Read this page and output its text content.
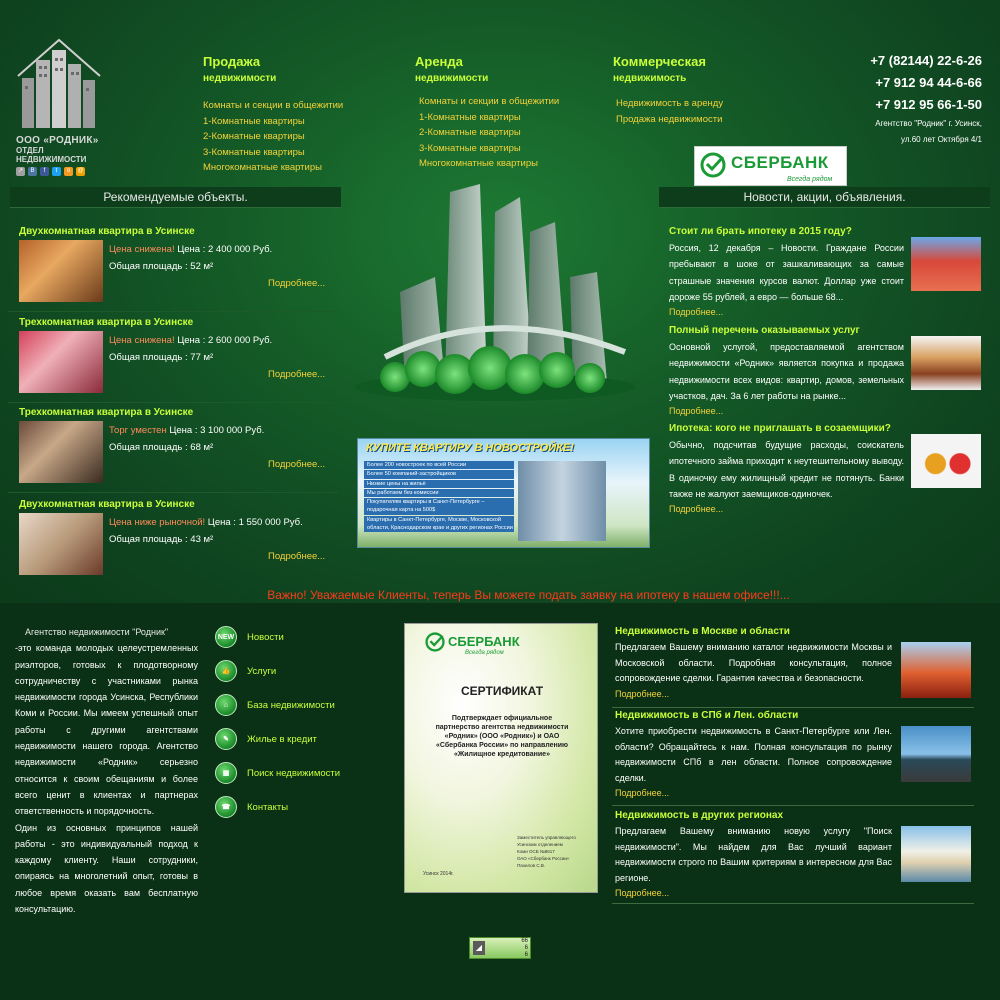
ООО «РОДНИК»
ОТДЕЛ НЕДВИЖИМОСТИ
↗ В f t о @
Продажа
недвижимости
Комнаты и секции в общежитии
1-Комнатные квартиры
2-Комнатные квартиры
3-Комнатные квартиры
Многокомнатные квартиры
Аренда
недвижимости
Комнаты и секции в общежитии
1-Комнатные квартиры
2-Комнатные квартиры
3-Комнатные квартиры
Многокомнатные квартиры
Коммерческая
недвижимость
Недвижимость в аренду
Продажа недвижимости
+7 (82144) 22-6-26
+7 912 94 44-6-66
+7 912 95 66-1-50
Агентство "Родник" г. Усинск,
ул.60 лет Октября 4/1
СБЕРБАНК
Всегда рядом
Рекомендуемые объекты.	Новости, акции, объявления.
КУПИТЕ КВАРТИРУ В НОВОСТРОЙКЕ!
Более 200 новостроек по всей России
Более 50 компаний-застройщиков
Низкие цены на жильё
Мы работаем без комиссии
Покупателям квартиры в Санкт-Петербурге – подарочная карта на 500$
Квартиры в Санкт-Петербурге, Москве, Московской области, Краснодарском крае и других регионах России
Двухкомнатная квартира в Усинске
Цена снижена! Цена : 2 400 000 Руб.
Общая площадь : 52 м²
Подробнее...
Трехкомнатная квартира в Усинске
Цена снижена! Цена : 2 600 000 Руб.
Общая площадь : 77 м²
Подробнее...
Трехкомнатная квартира в Усинске
Торг уместен Цена : 3 100 000 Руб.
Общая площадь : 68 м²
Подробнее...
Двухкомнатная квартира в Усинске
Цена ниже рыночной! Цена : 1 550 000 Руб.
Общая площадь : 43 м²
Подробнее...
Стоит ли брать ипотеку в 2015 году?

Россия, 12 декабря – Новости. Граждане России пребывают в шоке от зашкаливающих за самые страшные значения курсов валют. Доллар уже стоит дороже 55 рублей, а евро — больше 68...

Подробнее...
Полный перечень оказываемых услуг

Основной услугой, предоставляемой агентством недвижимости «Родник» является покупка и продажа недвижимости всех видов: квартир, домов, земельных участков, дач. За 6 лет работы на рынке...

Подробнее...
Ипотека: кого не приглашать в созаемщики?

Обычно, подсчитав будущие расходы, соискатель ипотечного займа приходит к неутешительному выводу. В одиночку ему жилищный кредит не потянуть. Банки также не жалуют заемщиков-одиночек.

Подробнее...
Важно! Уважаемые Клиенты, теперь Вы можете подать заявку на ипотеку в нашем офисе!!!...
Агентство недвижимости "Родник"
-это команда молодых целеустремленных риэлторов, готовых к плодотворному сотрудничеству с участниками рынка недвижимости города Усинска, Республики Коми и России. Мы имеем успешный опыт работы с другими агентствами недвижимости нашего города. Агентство недвижимости «Родник» серьезно относится к своим обещаниям и более всего ценит в клиентах и партнерах ответственность и порядочность.
Один из основных принципов нашей работы - это индивидуальный подход к каждому клиенту. Наши сотрудники, опираясь на многолетний опыт, готовы в любое время оказать вам бесплатную консультацию.
NEW Новости
👍	Услуги
⌂	База недвижимости
✎	Жилье в кредит
▦	Поиск недвижимости
☎	Контакты
СБЕРБАНК
Всегда рядом
СЕРТИФИКАТ
Подтверждает официальное партнерство агентства недвижимости «Родник» (ООО «Родник») и ОАО «Сбербанка России» по направлению «Жилищное кредитование»
Заместитель управляющего Усинским отделением
Коми ОСБ №8617
ОАО «Сбербанк России»
Пахилов С.В.
Усинск 2014г.
Недвижимость в Москве и области

Предлагаем Вашему вниманию каталог недвижимости Москвы и Московской области. Подробная консультация, полное сопровождение сделки. Гарантия качества и безопасности.

Подробнее...
Недвижимость в СПб и Лен. области

Хотите приобрести недвижимость в Санкт-Петербурге или Лен. области? Обращайтесь к нам. Полная консультация по рынку недвижимости СПб в лен области. Полное сопровождение сделки.

Подробнее...
Недвижимость в других регионах

Предлагаем Вашему вниманию новую услугу "Поиск недвижимости". Мы найдем для Вас лучший вариант недвижимости строго по Вашим критериям в интересном для Вас регионе.

Подробнее...
◢
66
6
6
